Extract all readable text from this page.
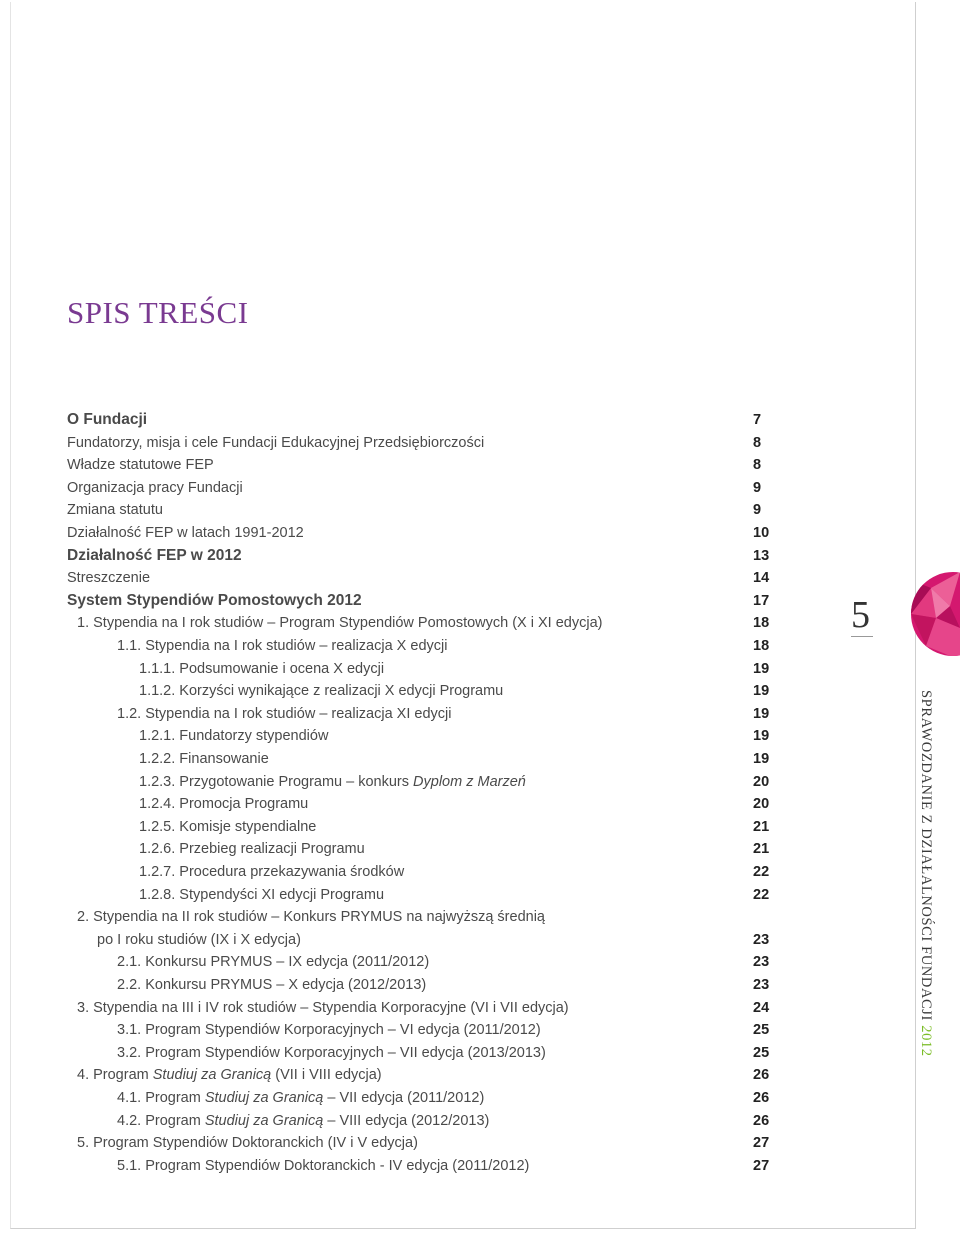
SPIS TREŚCI
O Fundacji	7
Fundatorzy, misja i cele Fundacji Edukacyjnej Przedsiębiorczości	8
Władze statutowe FEP	8
Organizacja pracy Fundacji	9
Zmiana statutu	9
Działalność FEP w latach 1991-2012	10
Działalność FEP w 2012	13
Streszczenie	14
System Stypendiów Pomostowych 2012	17
1. Stypendia na I rok studiów – Program Stypendiów Pomostowych (X i XI edycja)	18
1.1. Stypendia na I rok studiów – realizacja X edycji	18
1.1.1. Podsumowanie i ocena X edycji	19
1.1.2. Korzyści wynikające z realizacji X edycji Programu	19
1.2. Stypendia na I rok studiów – realizacja XI edycji	19
1.2.1. Fundatorzy stypendiów	19
1.2.2. Finansowanie	19
1.2.3. Przygotowanie Programu – konkurs Dyplom z Marzeń	20
1.2.4. Promocja Programu	20
1.2.5. Komisje stypendialne	21
1.2.6. Przebieg realizacji Programu	21
1.2.7. Procedura przekazywania środków	22
1.2.8. Stypendyści XI edycji Programu	22
2. Stypendia na II rok studiów – Konkurs PRYMUS na najwyższą średnią
po I roku studiów (IX i X edycja)	23
2.1. Konkursu PRYMUS – IX edycja (2011/2012)	23
2.2. Konkursu PRYMUS – X edycja (2012/2013)	23
3. Stypendia na III i IV rok studiów – Stypendia Korporacyjne (VI i VII edycja)	24
3.1. Program Stypendiów Korporacyjnych – VI edycja (2011/2012)	25
3.2. Program Stypendiów Korporacyjnych – VII edycja (2013/2013)	25
4. Program Studiuj za Granicą (VII i VIII edycja)	26
4.1. Program Studiuj za Granicą – VII edycja (2011/2012)	26
4.2. Program Studiuj za Granicą – VIII edycja (2012/2013)	26
5. Program Stypendiów Doktoranckich (IV i V edycja)	27
5.1. Program Stypendiów Doktoranckich - IV edycja (2011/2012)	27
5
SPRAWOZDANIE Z DZIAŁALNOŚCI FUNDACJI 2012
